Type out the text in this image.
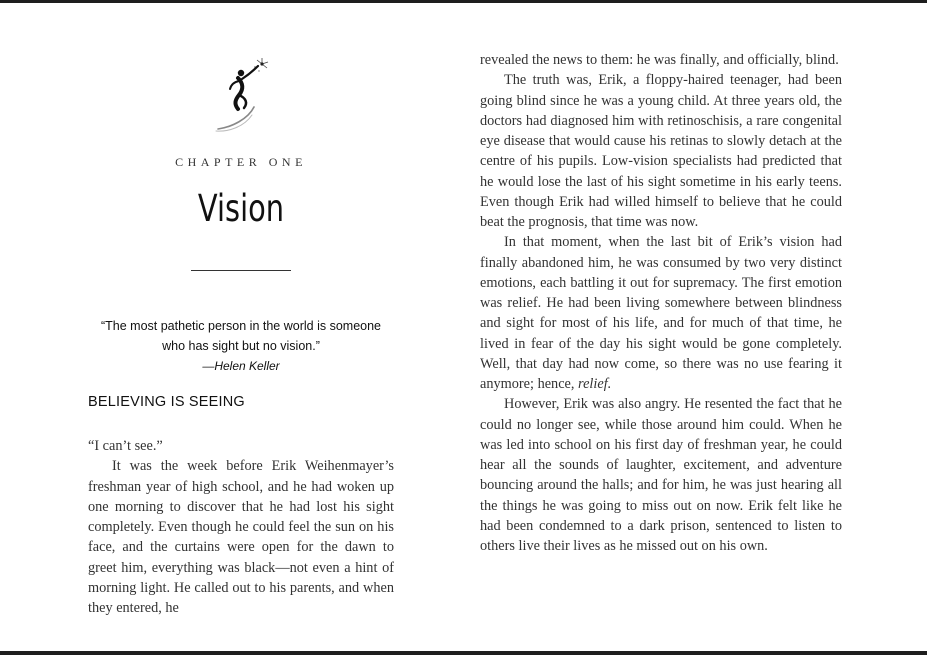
CHAPTER ONE
Vision
“The most pathetic person in the world is someone
who has sight but no vision.”
—Helen Keller
BELIEVING IS SEEING

“I can’t see.”

It was the week before Erik Weihenmayer’s freshman year of high school, and he had woken up one morning to discover that he had lost his sight completely. Even though he could feel the sun on his face, and the curtains were open for the dawn to greet him, everything was black—not even a hint of morning light. He called out to his parents, and when they entered, he

revealed the news to them: he was finally, and officially, blind.

The truth was, Erik, a floppy-haired teenager, had been going blind since he was a young child. At three years old, the doctors had diagnosed him with retinoschisis, a rare congenital eye disease that would cause his retinas to slowly detach at the centre of his pupils. Low-vision specialists had predicted that he would lose the last of his sight sometime in his early teens. Even though Erik had willed himself to believe that he could beat the prognosis, that time was now.

In that moment, when the last bit of Erik’s vision had finally abandoned him, he was consumed by two very distinct emotions, each battling it out for supremacy. The first emotion was relief. He had been living somewhere between blindness and sight for most of his life, and for much of that time, he lived in fear of the day his sight would be gone completely. Well, that day had now come, so there was no use fearing it anymore; hence, relief.

However, Erik was also angry. He resented the fact that he could no longer see, while those around him could. When he was led into school on his first day of freshman year, he could hear all the sounds of laughter, excitement, and adventure bouncing around the halls; and for him, he was just hearing all the things he was going to miss out on now. Erik felt like he had been condemned to a dark prison, sentenced to listen to others live their lives as he missed out on his own.
